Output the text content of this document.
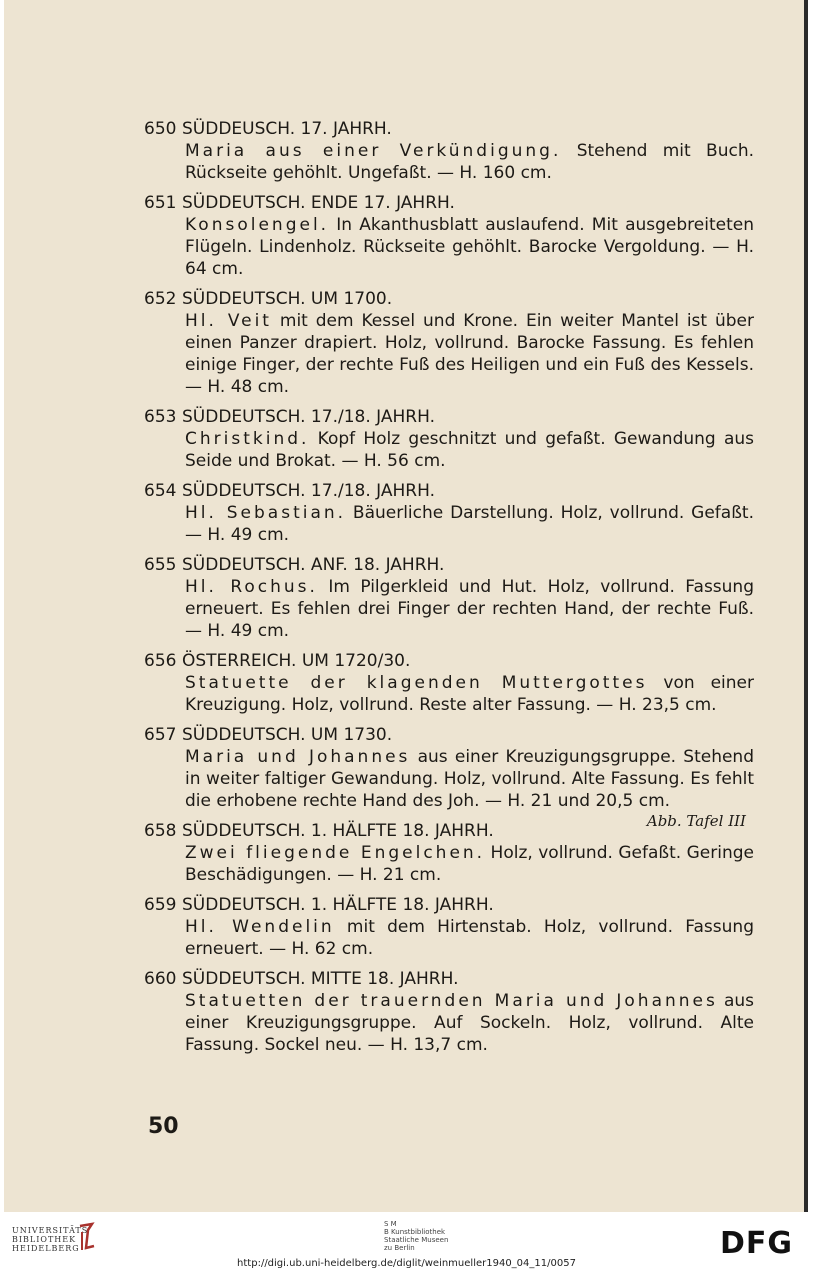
650 SÜDDEUSCH. 17. JAHRH.
Maria aus einer Verkündigung. Stehend mit Buch. Rückseite gehöhlt. Ungefaßt. — H. 160 cm.
651 SÜDDEUTSCH. ENDE 17. JAHRH.
Konsolengel. In Akanthusblatt auslaufend. Mit ausgebreiteten Flügeln. Lindenholz. Rückseite gehöhlt. Barocke Vergoldung. — H. 64 cm.
652 SÜDDEUTSCH. UM 1700.
Hl. Veit mit dem Kessel und Krone. Ein weiter Mantel ist über einen Panzer drapiert. Holz, vollrund. Barocke Fassung. Es fehlen einige Finger, der rechte Fuß des Heiligen und ein Fuß des Kessels. — H. 48 cm.
653 SÜDDEUTSCH. 17./18. JAHRH.
Christkind. Kopf Holz geschnitzt und gefaßt. Gewandung aus Seide und Brokat. — H. 56 cm.
654 SÜDDEUTSCH. 17./18. JAHRH.
Hl. Sebastian. Bäuerliche Darstellung. Holz, vollrund. Gefaßt. — H. 49 cm.
655 SÜDDEUTSCH. ANF. 18. JAHRH.
Hl. Rochus. Im Pilgerkleid und Hut. Holz, vollrund. Fassung erneuert. Es fehlen drei Finger der rechten Hand, der rechte Fuß. — H. 49 cm.
656 ÖSTERREICH. UM 1720/30.
Statuette der klagenden Muttergottes von einer Kreuzigung. Holz, vollrund. Reste alter Fassung. — H. 23,5 cm.
657 SÜDDEUTSCH. UM 1730.
Maria und Johannes aus einer Kreuzigungsgruppe. Stehend in weiter faltiger Gewandung. Holz, vollrund. Alte Fassung. Es fehlt die erhobene rechte Hand des Joh. — H. 21 und 20,5 cm.
Abb. Tafel III
658 SÜDDEUTSCH. 1. HÄLFTE 18. JAHRH.
Zwei fliegende Engelchen. Holz, vollrund. Gefaßt. Geringe Beschädigungen. — H. 21 cm.
659 SÜDDEUTSCH. 1. HÄLFTE 18. JAHRH.
Hl. Wendelin mit dem Hirtenstab. Holz, vollrund. Fassung erneuert. — H. 62 cm.
660 SÜDDEUTSCH. MITTE 18. JAHRH.
Statuetten der trauernden Maria und Johannes aus einer Kreuzigungsgruppe. Auf Sockeln. Holz, vollrund. Alte Fassung. Sockel neu. — H. 13,7 cm.
50
UNIVERSITÄTS
BIBLIOTHEK
HEIDELBERG
S M
B Kunstbibliothek
Staatliche Museen
zu Berlin	DFG
http://digi.ub.uni-heidelberg.de/diglit/weinmueller1940_04_11/0057
